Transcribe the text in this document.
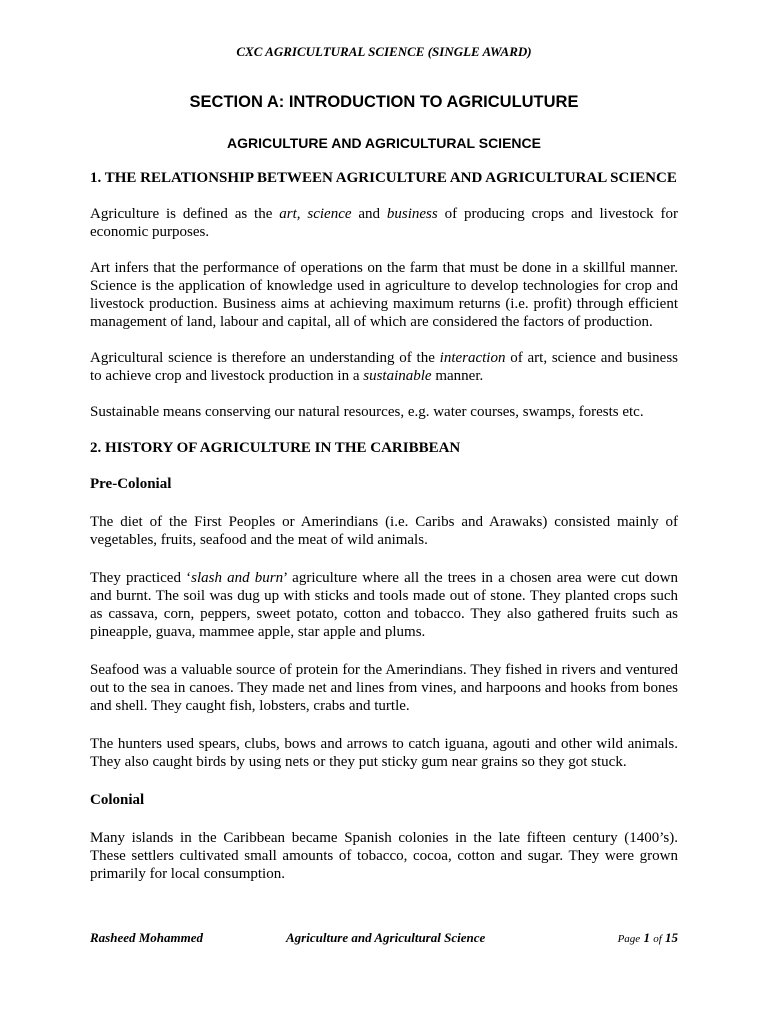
CXC AGRICULTURAL SCIENCE (SINGLE AWARD)
SECTION A: INTRODUCTION TO AGRICULUTURE
AGRICULTURE AND AGRICULTURAL SCIENCE

1. THE RELATIONSHIP BETWEEN AGRICULTURE AND AGRICULTURAL SCIENCE

Agriculture is defined as the art, science and business of producing crops and livestock for economic purposes.

Art infers that the performance of operations on the farm that must be done in a skillful manner. Science is the application of knowledge used in agriculture to develop technologies for crop and livestock production. Business aims at achieving maximum returns (i.e. profit) through efficient management of land, labour and capital, all of which are considered the factors of production.

Agricultural science is therefore an understanding of the interaction of art, science and business to achieve crop and livestock production in a sustainable manner.

Sustainable means conserving our natural resources, e.g. water courses, swamps, forests etc.

2. HISTORY OF AGRICULTURE IN THE CARIBBEAN

Pre-Colonial

The diet of the First Peoples or Amerindians (i.e. Caribs and Arawaks) consisted mainly of vegetables, fruits, seafood and the meat of wild animals.

They practiced ‘slash and burn’ agriculture where all the trees in a chosen area were cut down and burnt. The soil was dug up with sticks and tools made out of stone. They planted crops such as cassava, corn, peppers, sweet potato, cotton and tobacco. They also gathered fruits such as pineapple, guava, mammee apple, star apple and plums.

Seafood was a valuable source of protein for the Amerindians. They fished in rivers and ventured out to the sea in canoes. They made net and lines from vines, and harpoons and hooks from bones and shell. They caught fish, lobsters, crabs and turtle.

The hunters used spears, clubs, bows and arrows to catch iguana, agouti and other wild animals. They also caught birds by using nets or they put sticky gum near grains so they got stuck.

Colonial

Many islands in the Caribbean became Spanish colonies in the late fifteen century (1400’s). These settlers cultivated small amounts of tobacco, cocoa, cotton and sugar. They were grown primarily for local consumption.

Rasheed Mohammed	Agriculture and Agricultural Science	Page 1 of 15
